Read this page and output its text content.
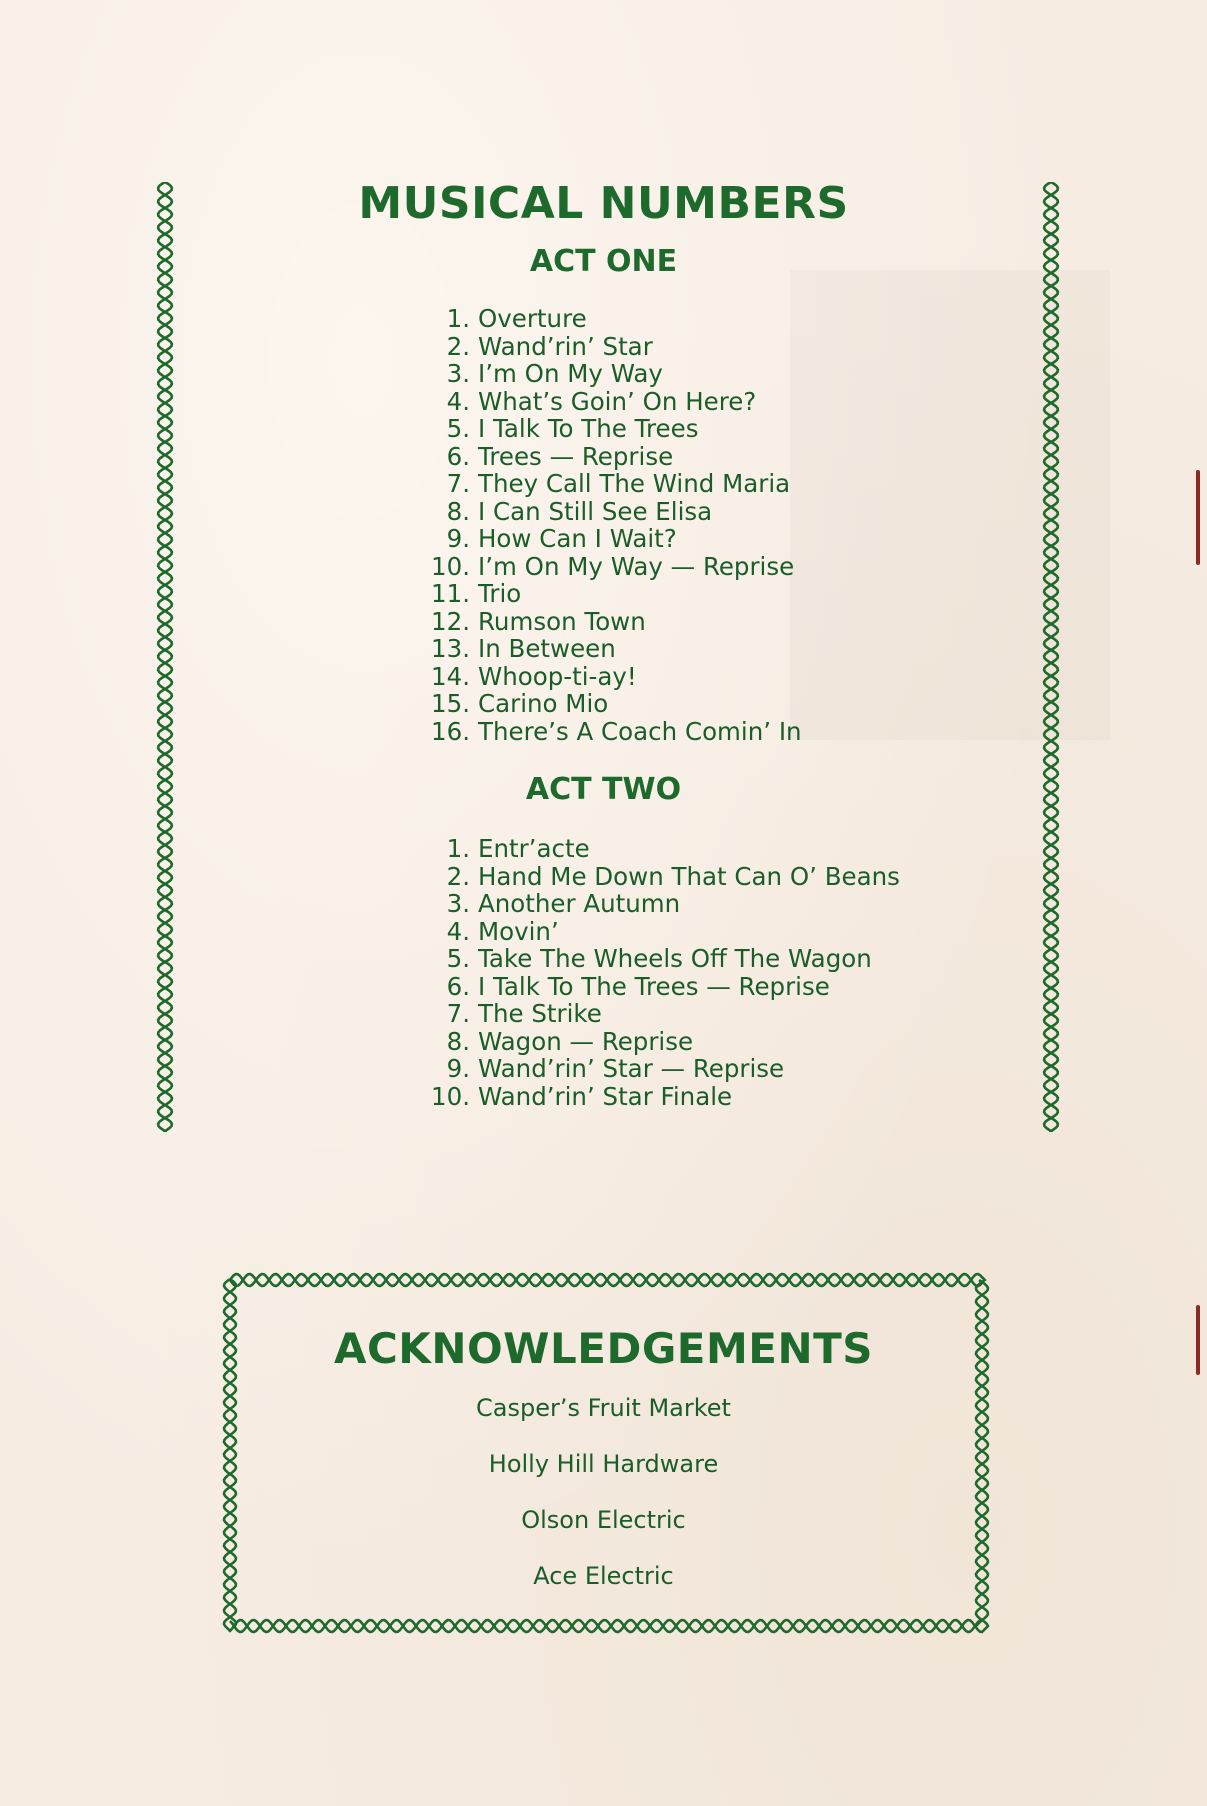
MUSICAL NUMBERS
ACT ONE
1. Overture
2. Wand’rin’ Star
3. I’m On My Way
4. What’s Goin’ On Here?
5. I Talk To The Trees
6. Trees — Reprise
7. They Call The Wind Maria
8. I Can Still See Elisa
9. How Can I Wait?
10. I’m On My Way — Reprise
11. Trio
12. Rumson Town
13. In Between
14. Whoop-ti-ay!
15. Carino Mio
16. There’s A Coach Comin’ In
ACT TWO
1. Entr’acte
2. Hand Me Down That Can O’ Beans
3. Another Autumn
4. Movin’
5. Take The Wheels Off The Wagon
6. I Talk To The Trees — Reprise
7. The Strike
8. Wagon — Reprise
9. Wand’rin’ Star — Reprise
10. Wand’rin’ Star Finale
ACKNOWLEDGEMENTS
Casper’s Fruit Market
Holly Hill Hardware
Olson Electric
Ace Electric
